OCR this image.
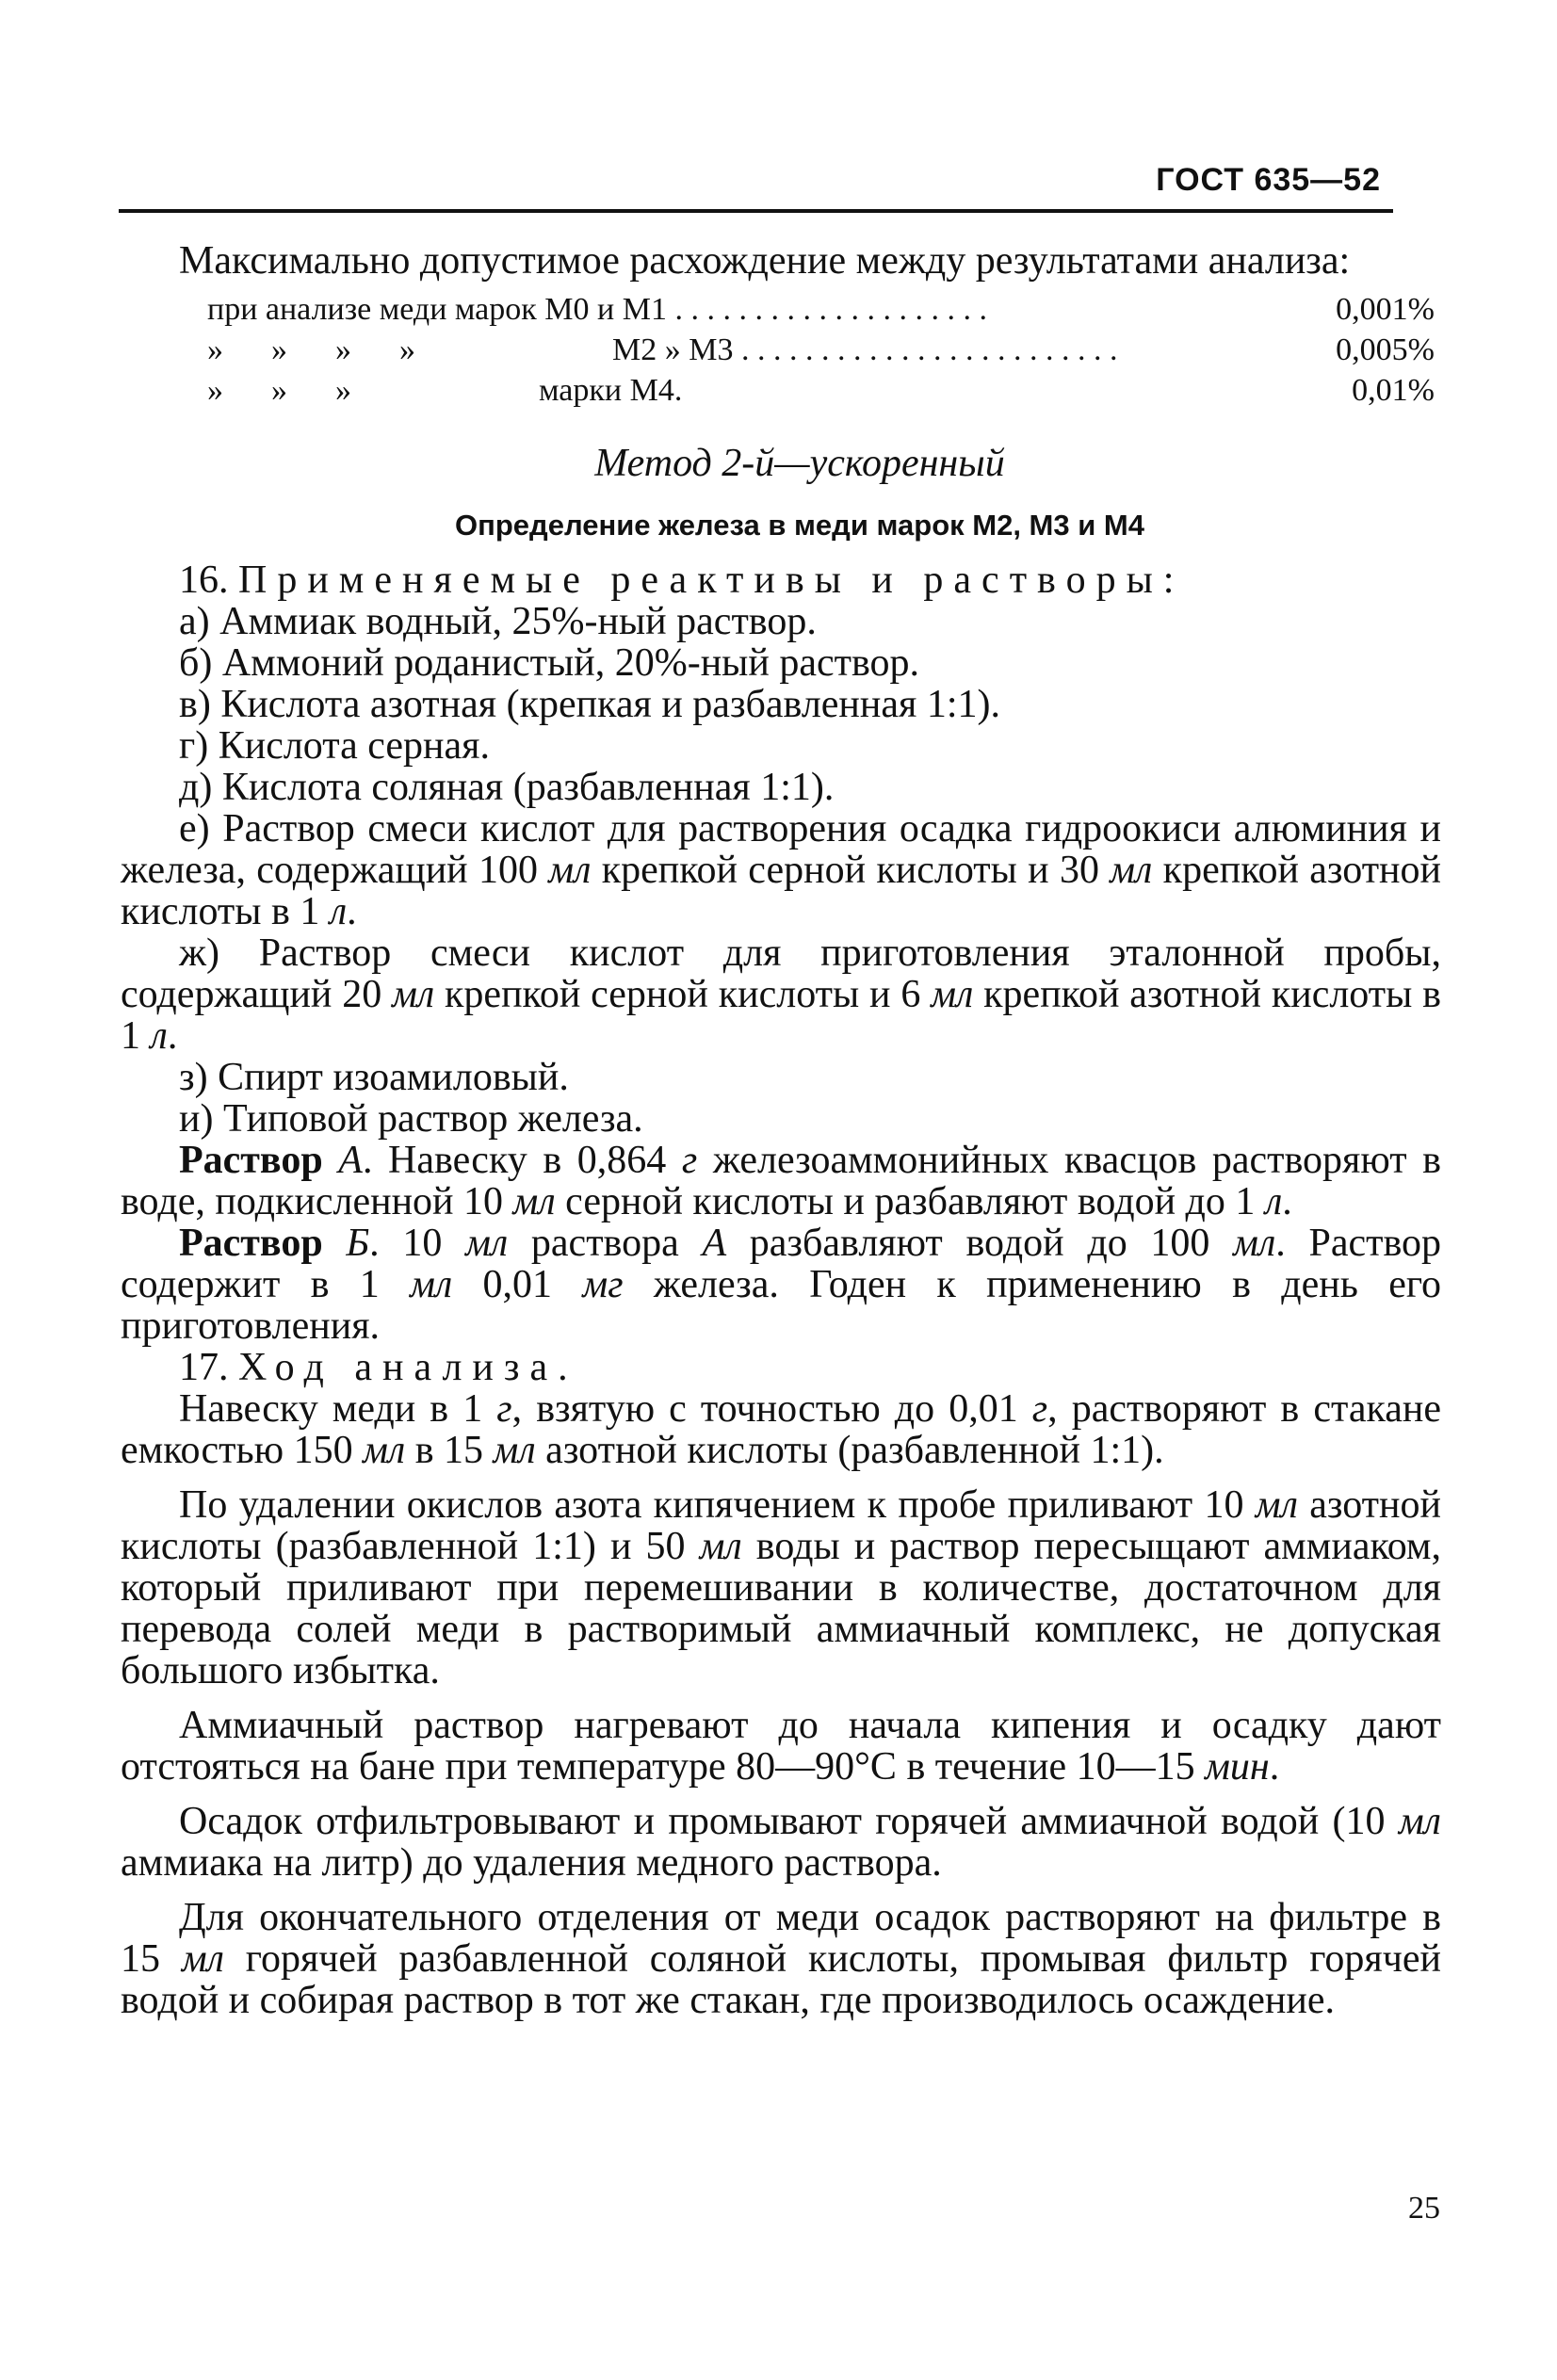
ГОСТ 635—52

Максимально допустимое расхождение между результатами анализа:

при анализе меди марок М0 и М1 . . . . . . . . . . . . . . . . . . . .	0,001%
»      »      »      »	М2 » М3 . . . . . . . . . . . . . . . . . . . . . . . .	0,005%
»      »      »	марки М4.	0,01%
Метод 2-й—ускоренный
Определение железа в меди марок М2, М3 и М4

16. Применяемые реактивы и растворы:

а) Аммиак водный, 25%-ный раствор.

б) Аммоний роданистый, 20%-ный раствор.

в) Кислота азотная (крепкая и разбавленная 1:1).

г) Кислота серная.

д) Кислота соляная (разбавленная 1:1).

е) Раствор смеси кислот для растворения осадка гидроокиси алюминия и железа, содержащий 100 мл крепкой серной кислоты и 30 мл крепкой азотной кислоты в 1 л.

ж) Раствор смеси кислот для приготовления эталонной пробы, содержащий 20 мл крепкой серной кислоты и 6 мл крепкой азотной кислоты в 1 л.

з) Спирт изоамиловый.

и) Типовой раствор железа.

Раствор А. Навеску в 0,864 г железоаммонийных квасцов растворяют в воде, подкисленной 10 мл серной кислоты и разбавляют водой до 1 л.

Раствор Б. 10 мл раствора А разбавляют водой до 100 мл. Раствор содержит в 1 мл 0,01 мг железа. Годен к применению в день его приготовления.

17. Ход анализа.

Навеску меди в 1 г, взятую с точностью до 0,01 г, растворяют в стакане емкостью 150 мл в 15 мл азотной кислоты (разбавленной 1:1).

По удалении окислов азота кипячением к пробе приливают 10 мл азотной кислоты (разбавленной 1:1) и 50 мл воды и раствор пересыщают аммиаком, который приливают при перемешивании в количестве, достаточном для перевода солей меди в растворимый аммиачный комплекс, не допуская большого избытка.

Аммиачный раствор нагревают до начала кипения и осадку дают отстояться на бане при температуре 80—90°С в течение 10—15 мин.

Осадок отфильтровывают и промывают горячей аммиачной водой (10 мл аммиака на литр) до удаления медного раствора.

Для окончательного отделения от меди осадок растворяют на фильтре в 15 мл горячей разбавленной соляной кислоты, промывая фильтр горячей водой и собирая раствор в тот же стакан, где производилось осаждение.

25
